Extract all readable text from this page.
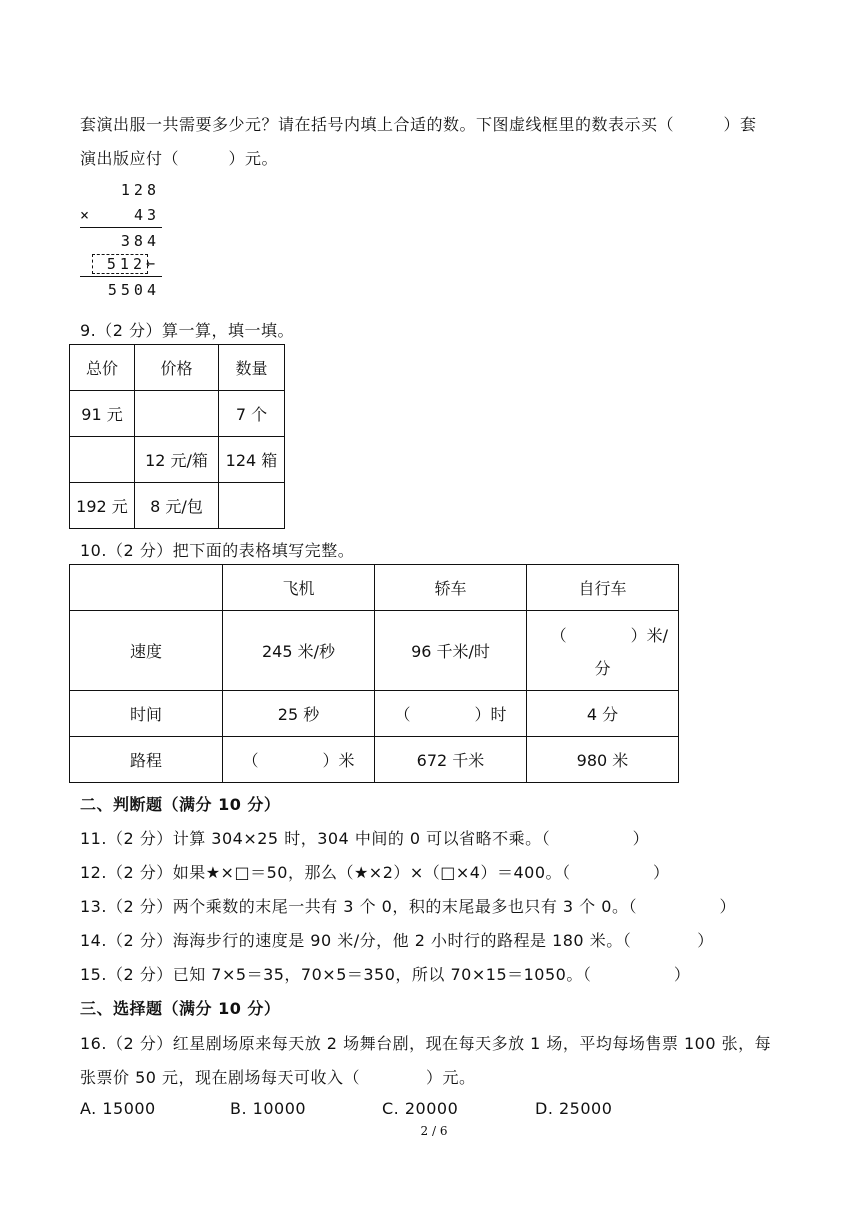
套演出服一共需要多少元？请在括号内填上合适的数。下图虚线框里的数表示买（　　　）套
演出版应付（　　　）元。
128
×	43
384
512 ←
5504
9.（2 分）算一算，填一填。
总价	价格	数量
91 元		7 个
	12 元/箱	124 箱
192 元	8 元/包	
10.（2 分）把下面的表格填写完整。
	飞机	轿车	自行车
速度	245 米/秒	96 千米/时	（　　　　）米/
分

时间	25 秒	（　　　　）时	4 分
路程	（　　　　）米	672 千米	980 米
二、判断题（满分 10 分）
11.（2 分）计算 304×25 时，304 中间的 0 可以省略不乘。（　　　　　）
12.（2 分）如果★×□＝50，那么（★×2）×（□×4）＝400。（　　　　　）
13.（2 分）两个乘数的末尾一共有 3 个 0，积的末尾最多也只有 3 个 0。（　　　　　）
14.（2 分）海海步行的速度是 90 米/分，他 2 小时行的路程是 180 米。（　　　　）
15.（2 分）已知 7×5＝35，70×5＝350，所以 70×15＝1050。（　　　　　）
三、选择题（满分 10 分）
16.（2 分）红星剧场原来每天放 2 场舞台剧，现在每天多放 1 场，平均每场售票 100 张，每
张票价 50 元，现在剧场每天可收入（　　　　）元。
A. 15000	B. 10000	C. 20000	D. 25000
2 / 6
